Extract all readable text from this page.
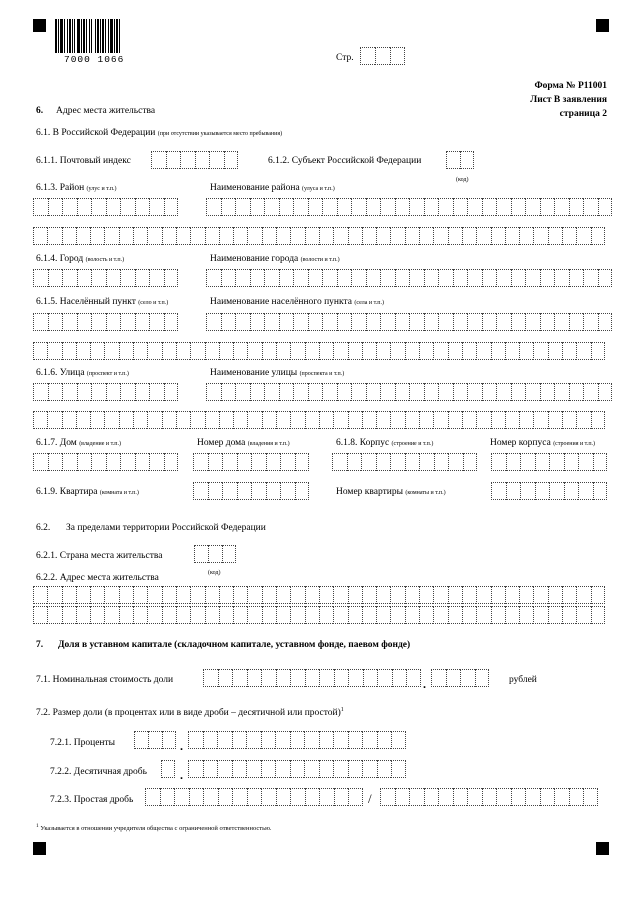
7000 1066	Стр.
Форма № Р11001
Лист В заявления
страница 2
6. Адрес места жительства
6.1. В Российской Федерации (при отсутствии указывается место пребывания)
6.1.1. Почтовый индекс	6.1.2. Субъект Российской Федерации
(код)
6.1.3. Район (улус и т.п.)	Наименование района (улуса и т.п.)
6.1.4. Город (волость и т.п.)	Наименование города (волости и т.п.)
6.1.5. Населённый пункт (село и т.п.)	Наименование населённого пункта (села и т.п.)
6.1.6. Улица (проспект и т.п.)	Наименование улицы (проспекта и т.п.)
6.1.7. Дом (владение и т.п.)	Номер дома (владения и т.п.)	6.1.8. Корпус (строение и т.п.)	Номер корпуса (строения и т.п.)
6.1.9. Квартира (комната и т.п.)	Номер квартиры (комнаты и т.п.)
6.2. За пределами территории Российской Федерации
6.2.1. Страна места жительства
6.2.2. Адрес места жительства	(код)
7. Доля в уставном капитале (складочном капитале, уставном фонде, паевом фонде)
7.1. Номинальная стоимость доли	.	рублей
7.2. Размер доли (в процентах или в виде дроби – десятичной или простой)$^1$
7.2.1. Проценты	.
7.2.2. Десятичная дробь	.
7.2.3. Простая дробь	/
$^1$ Указывается в отношении учредителя общества с ограниченной ответственностью.
